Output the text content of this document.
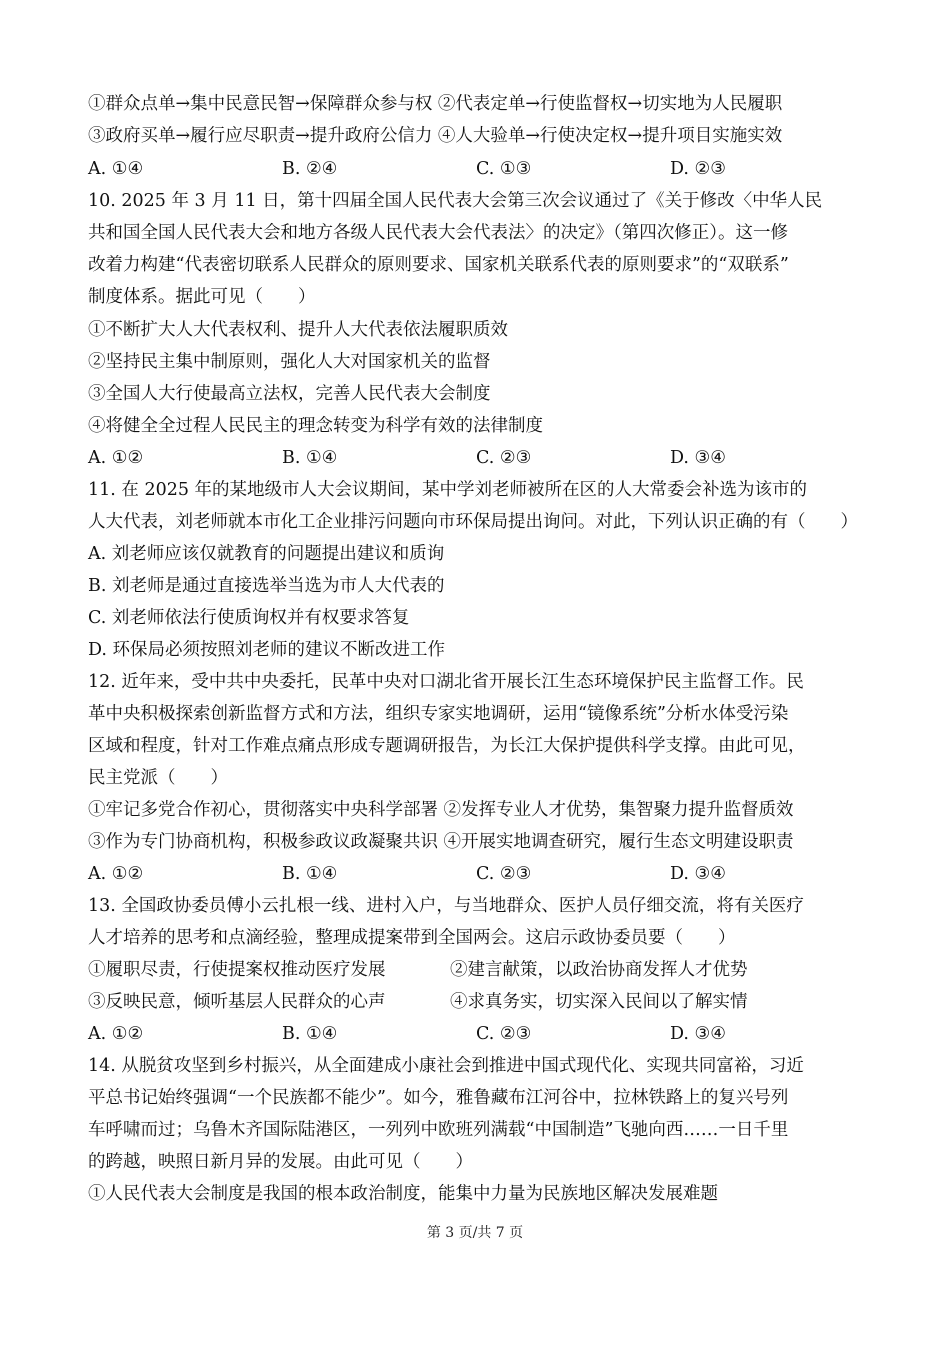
①群众点单→集中民意民智→保障群众参与权 ②代表定单→行使监督权→切实地为人民履职
③政府买单→履行应尽职责→提升政府公信力 ④人大验单→行使决定权→提升项目实施实效
A. ①④	B. ②④	C. ①③	D. ②③
10. 2025 年 3 月 11 日，第十四届全国人民代表大会第三次会议通过了《关于修改〈中华人民
共和国全国人民代表大会和地方各级人民代表大会代表法〉的决定》（第四次修正）。这一修
改着力构建“代表密切联系人民群众的原则要求、国家机关联系代表的原则要求”的“双联系”
制度体系。据此可见（　　）
①不断扩大人大代表权利、提升人大代表依法履职质效
②坚持民主集中制原则，强化人大对国家机关的监督
③全国人大行使最高立法权，完善人民代表大会制度
④将健全全过程人民民主的理念转变为科学有效的法律制度
A. ①②	B. ①④	C. ②③	D. ③④
11. 在 2025 年的某地级市人大会议期间，某中学刘老师被所在区的人大常委会补选为该市的
人大代表，刘老师就本市化工企业排污问题向市环保局提出询问。对此，下列认识正确的有（　　）
A. 刘老师应该仅就教育的问题提出建议和质询
B. 刘老师是通过直接选举当选为市人大代表的
C. 刘老师依法行使质询权并有权要求答复
D. 环保局必须按照刘老师的建议不断改进工作
12. 近年来，受中共中央委托，民革中央对口湖北省开展长江生态环境保护民主监督工作。民
革中央积极探索创新监督方式和方法，组织专家实地调研，运用“镜像系统”分析水体受污染
区域和程度，针对工作难点痛点形成专题调研报告，为长江大保护提供科学支撑。由此可见，
民主党派（　　）
①牢记多党合作初心，贯彻落实中央科学部署 ②发挥专业人才优势，集智聚力提升监督质效
③作为专门协商机构，积极参政议政凝聚共识 ④开展实地调查研究，履行生态文明建设职责
A. ①②	B. ①④	C. ②③	D. ③④
13. 全国政协委员傅小云扎根一线、进村入户，与当地群众、医护人员仔细交流，将有关医疗
人才培养的思考和点滴经验，整理成提案带到全国两会。这启示政协委员要（　　）
①履职尽责，行使提案权推动医疗发展	②建言献策，以政治协商发挥人才优势
③反映民意，倾听基层人民群众的心声	④求真务实，切实深入民间以了解实情
A. ①②	B. ①④	C. ②③	D. ③④
14. 从脱贫攻坚到乡村振兴，从全面建成小康社会到推进中国式现代化、实现共同富裕，习近
平总书记始终强调“一个民族都不能少”。如今，雅鲁藏布江河谷中，拉林铁路上的复兴号列
车呼啸而过；乌鲁木齐国际陆港区，一列列中欧班列满载“中国制造”飞驰向西……一日千里
的跨越，映照日新月异的发展。由此可见（　　）
①人民代表大会制度是我国的根本政治制度，能集中力量为民族地区解决发展难题
第 3 页/共 7 页
